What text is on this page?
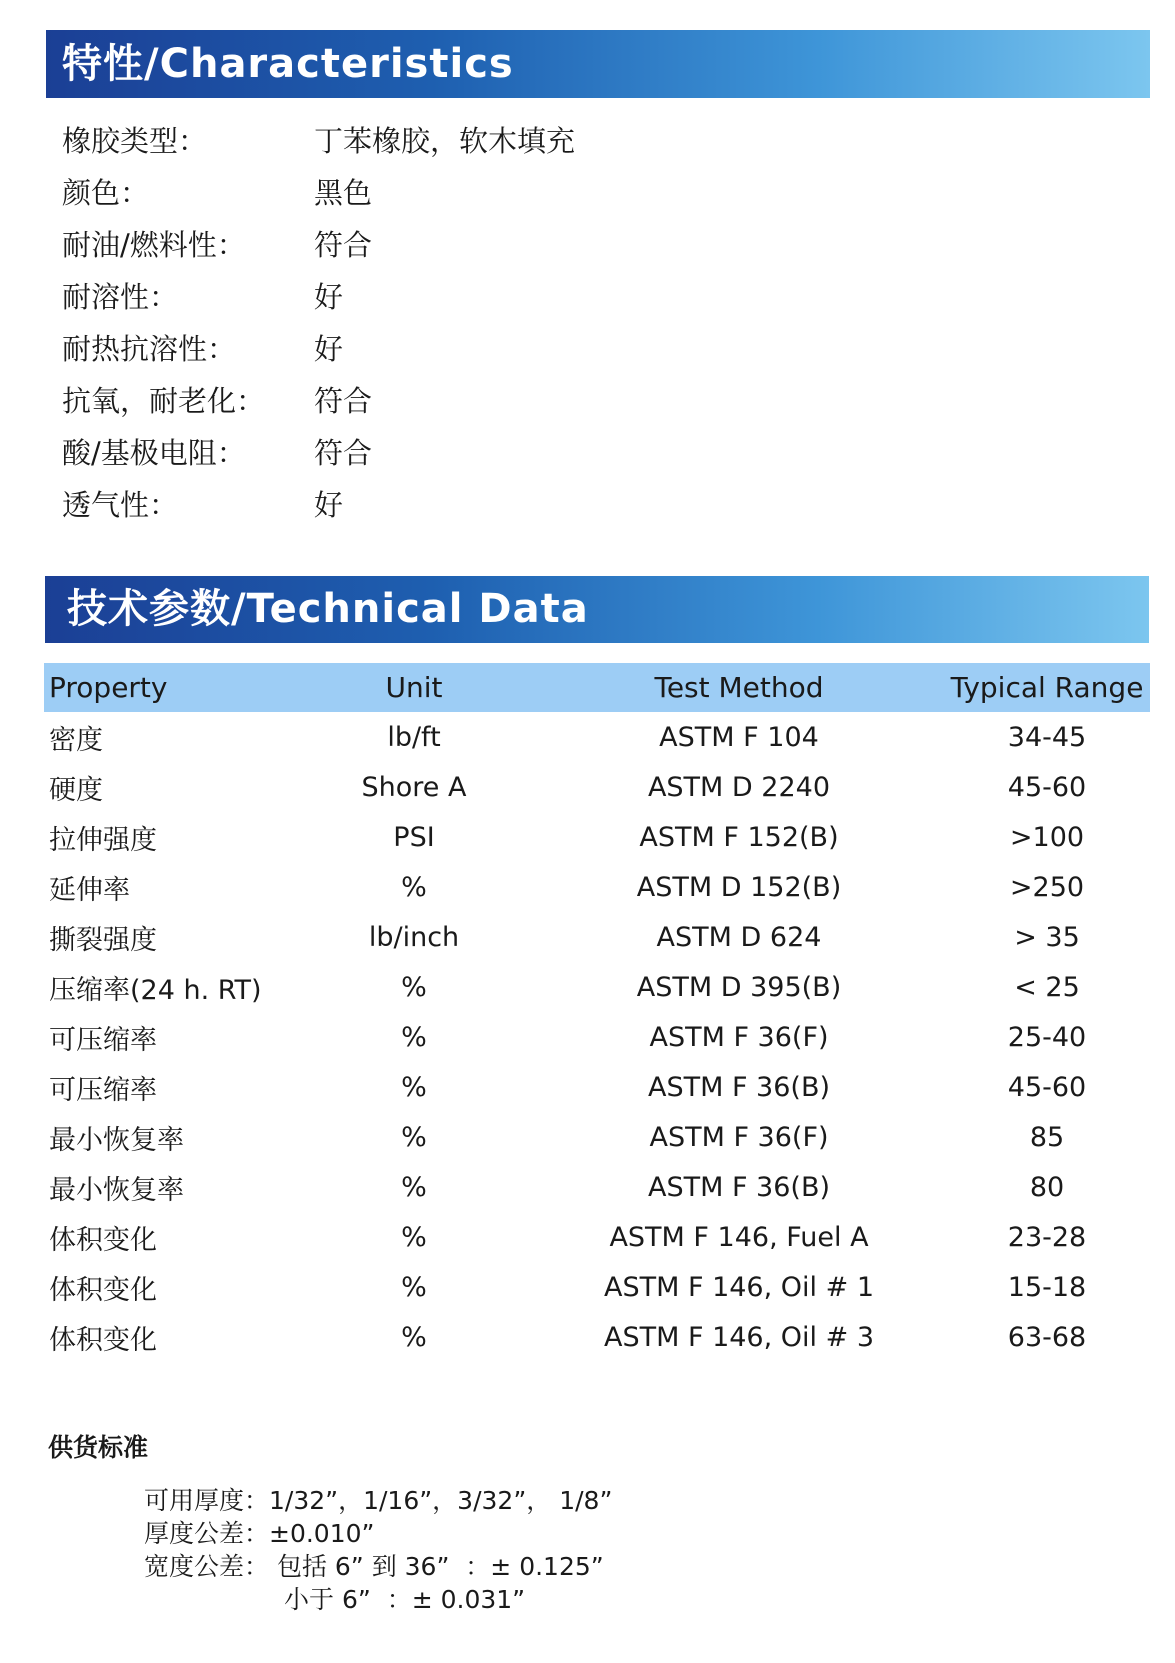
特性/Characteristics
橡胶类型：	丁苯橡胶，软木填充
颜色：	黑色
耐油/燃料性：	符合
耐溶性：	好
耐热抗溶性：	好
抗氧，耐老化：	符合
酸/基极电阻：	符合
透气性：	好
技术参数/Technical Data
Property	Unit	Test Method	Typical Range
密度	lb/ft	ASTM F 104	34-45
硬度	Shore A	ASTM D 2240	45-60
拉伸强度	PSI	ASTM F 152(B)	>100
延伸率	%	ASTM D 152(B)	>250
撕裂强度	lb/inch	ASTM D 624	> 35
压缩率(24 h. RT)	%	ASTM D 395(B)	< 25
可压缩率	%	ASTM F 36(F)	25-40
可压缩率	%	ASTM F 36(B)	45-60
最小恢复率	%	ASTM F 36(F)	85
最小恢复率	%	ASTM F 36(B)	80
体积变化	%	ASTM F 146, Fuel A	23-28
体积变化	%	ASTM F 146, Oil # 1	15-18
体积变化	%	ASTM F 146, Oil # 3	63-68
供货标准
可用厚度：1/32”，1/16”，3/32”， 1/8”
厚度公差：±0.010”
宽度公差： 包括 6” 到 36”  ：± 0.125”
小于 6”  ：± 0.031”
